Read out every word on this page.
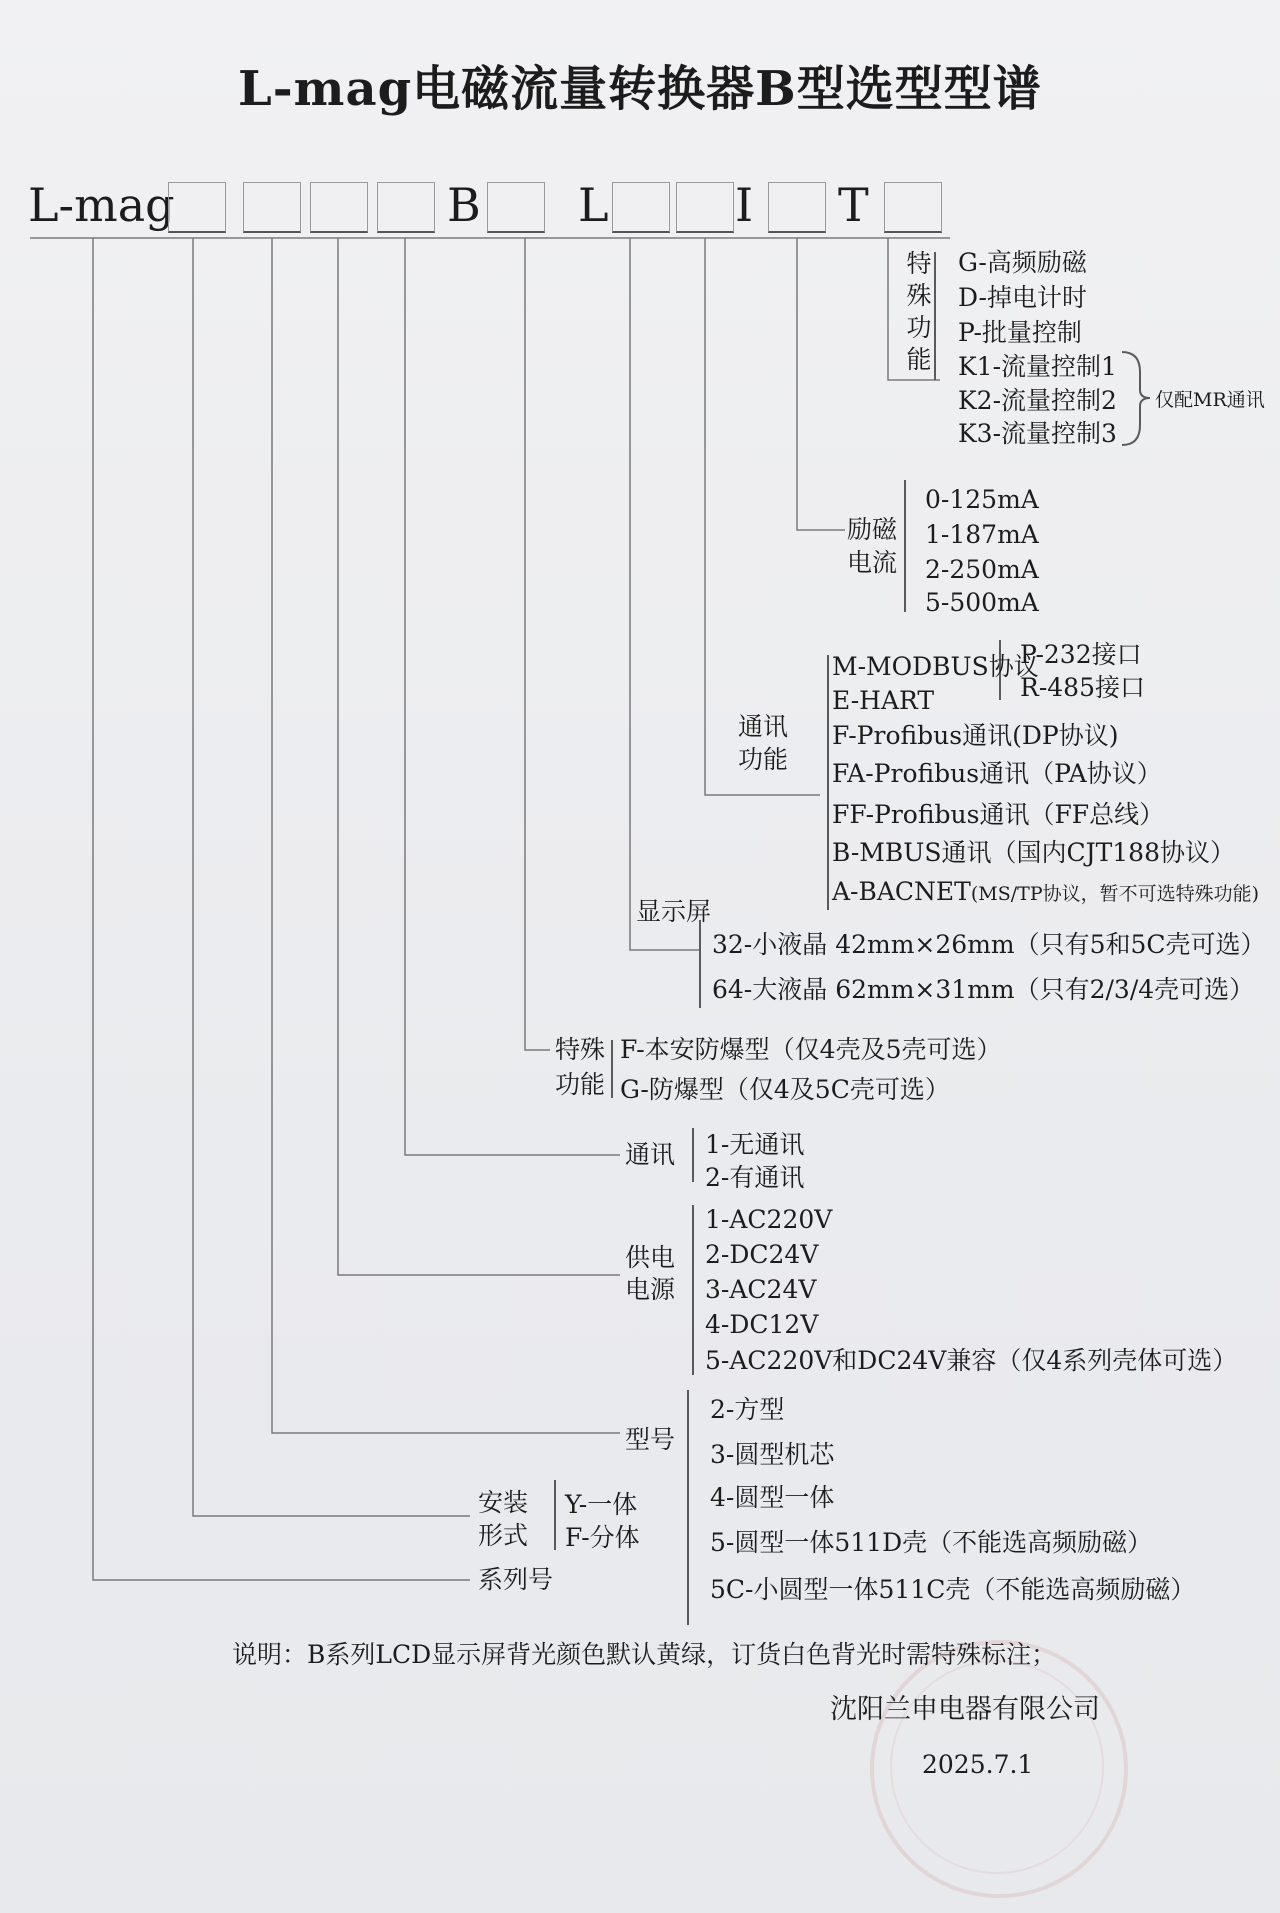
L-mag电磁流量转换器B型选型型谱
L-mag	B L	I T
特
殊
功
能
G-高频励磁
D-掉电计时
P-批量控制
K1-流量控制1
K2-流量控制2
K3-流量控制3
仅配MR通讯
励磁
电流
0-125mA
1-187mA
2-250mA
5-500mA
通讯
功能
M-MODBUS协议
P-232接口
R-485接口
E-HART
F-Profibus通讯(DP协议)
FA-Profibus通讯（PA协议）
FF-Profibus通讯（FF总线）
B-MBUS通讯（国内CJT188协议）
A-BACNET(MS/TP协议，暂不可选特殊功能)
显示屏
32-小液晶 42mm×26mm（只有5和5C壳可选）
64-大液晶 62mm×31mm（只有2/3/4壳可选）
特殊
功能
F-本安防爆型（仅4壳及5壳可选）
G-防爆型（仅4及5C壳可选）
通讯 1-无通讯
2-有通讯
供电
电源
1-AC220V
2-DC24V
3-AC24V
4-DC12V
5-AC220V和DC24V兼容（仅4系列壳体可选）
型号
2-方型
3-圆型机芯
4-圆型一体
5-圆型一体511D壳（不能选高频励磁）
5C-小圆型一体511C壳（不能选高频励磁）
安装
形式
Y-一体
F-分体
系列号
说明：B系列LCD显示屏背光颜色默认黄绿，订货白色背光时需特殊标注；
沈阳兰申电器有限公司
2025.7.1
